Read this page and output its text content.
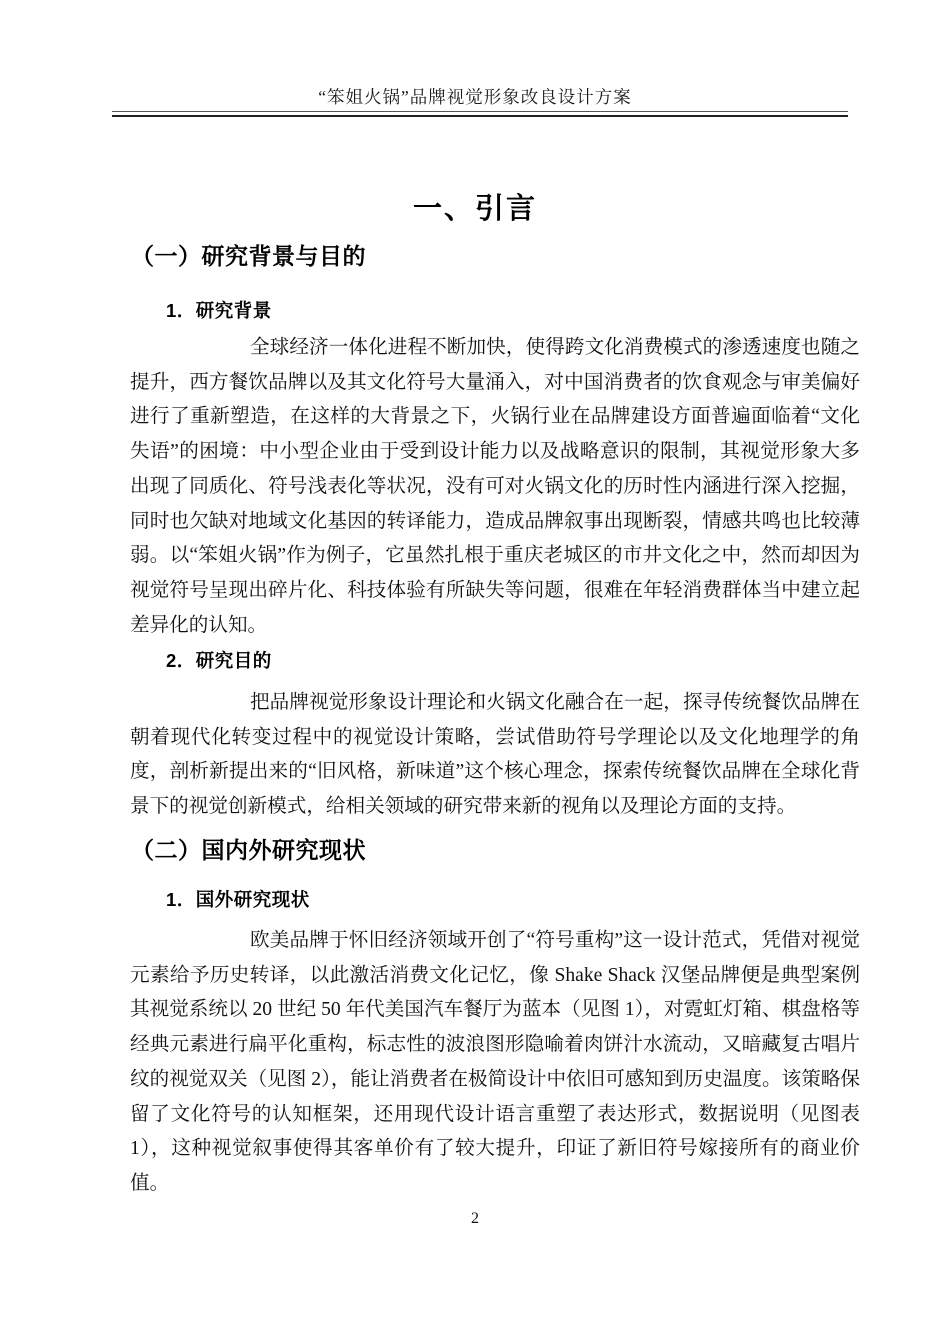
“笨姐火锅”品牌视觉形象改良设计方案
一、引言
（一）研究背景与目的
1．研究背景

全球经济一体化进程不断加快，使得跨文化消费模式的渗透速度也随之提升，西方餐饮品牌以及其文化符号大量涌入，对中国消费者的饮食观念与审美偏好进行了重新塑造，在这样的大背景之下，火锅行业在品牌建设方面普遍面临着“文化失语”的困境：中小型企业由于受到设计能力以及战略意识的限制，其视觉形象大多出现了同质化、符号浅表化等状况，没有可对火锅文化的历时性内涵进行深入挖掘，同时也欠缺对地域文化基因的转译能力，造成品牌叙事出现断裂，情感共鸣也比较薄弱。以“笨姐火锅”作为例子，它虽然扎根于重庆老城区的市井文化之中，然而却因为视觉符号呈现出碎片化、科技体验有所缺失等问题，很难在年轻消费群体当中建立起差异化的认知。

2．研究目的

把品牌视觉形象设计理论和火锅文化融合在一起，探寻传统餐饮品牌在朝着现代化转变过程中的视觉设计策略，尝试借助符号学理论以及文化地理学的角度，剖析新提出来的“旧风格，新味道”这个核心理念，探索传统餐饮品牌在全球化背景下的视觉创新模式，给相关领域的研究带来新的视角以及理论方面的支持。

（二）国内外研究现状
1．国外研究现状

欧美品牌于怀旧经济领域开创了“符号重构”这一设计范式，凭借对视觉元素给予历史转译，以此激活消费文化记忆，像 Shake Shack 汉堡品牌便是典型案例其视觉系统以 20 世纪 50 年代美国汽车餐厅为蓝本（见图 1），对霓虹灯箱、棋盘格等经典元素进行扁平化重构，标志性的波浪图形隐喻着肉饼汁水流动，又暗藏复古唱片纹的视觉双关（见图 2），能让消费者在极简设计中依旧可感知到历史温度。该策略保留了文化符号的认知框架，还用现代设计语言重塑了表达形式，数据说明（见图表 1），这种视觉叙事使得其客单价有了较大提升，印证了新旧符号嫁接所有的商业价值。

2
